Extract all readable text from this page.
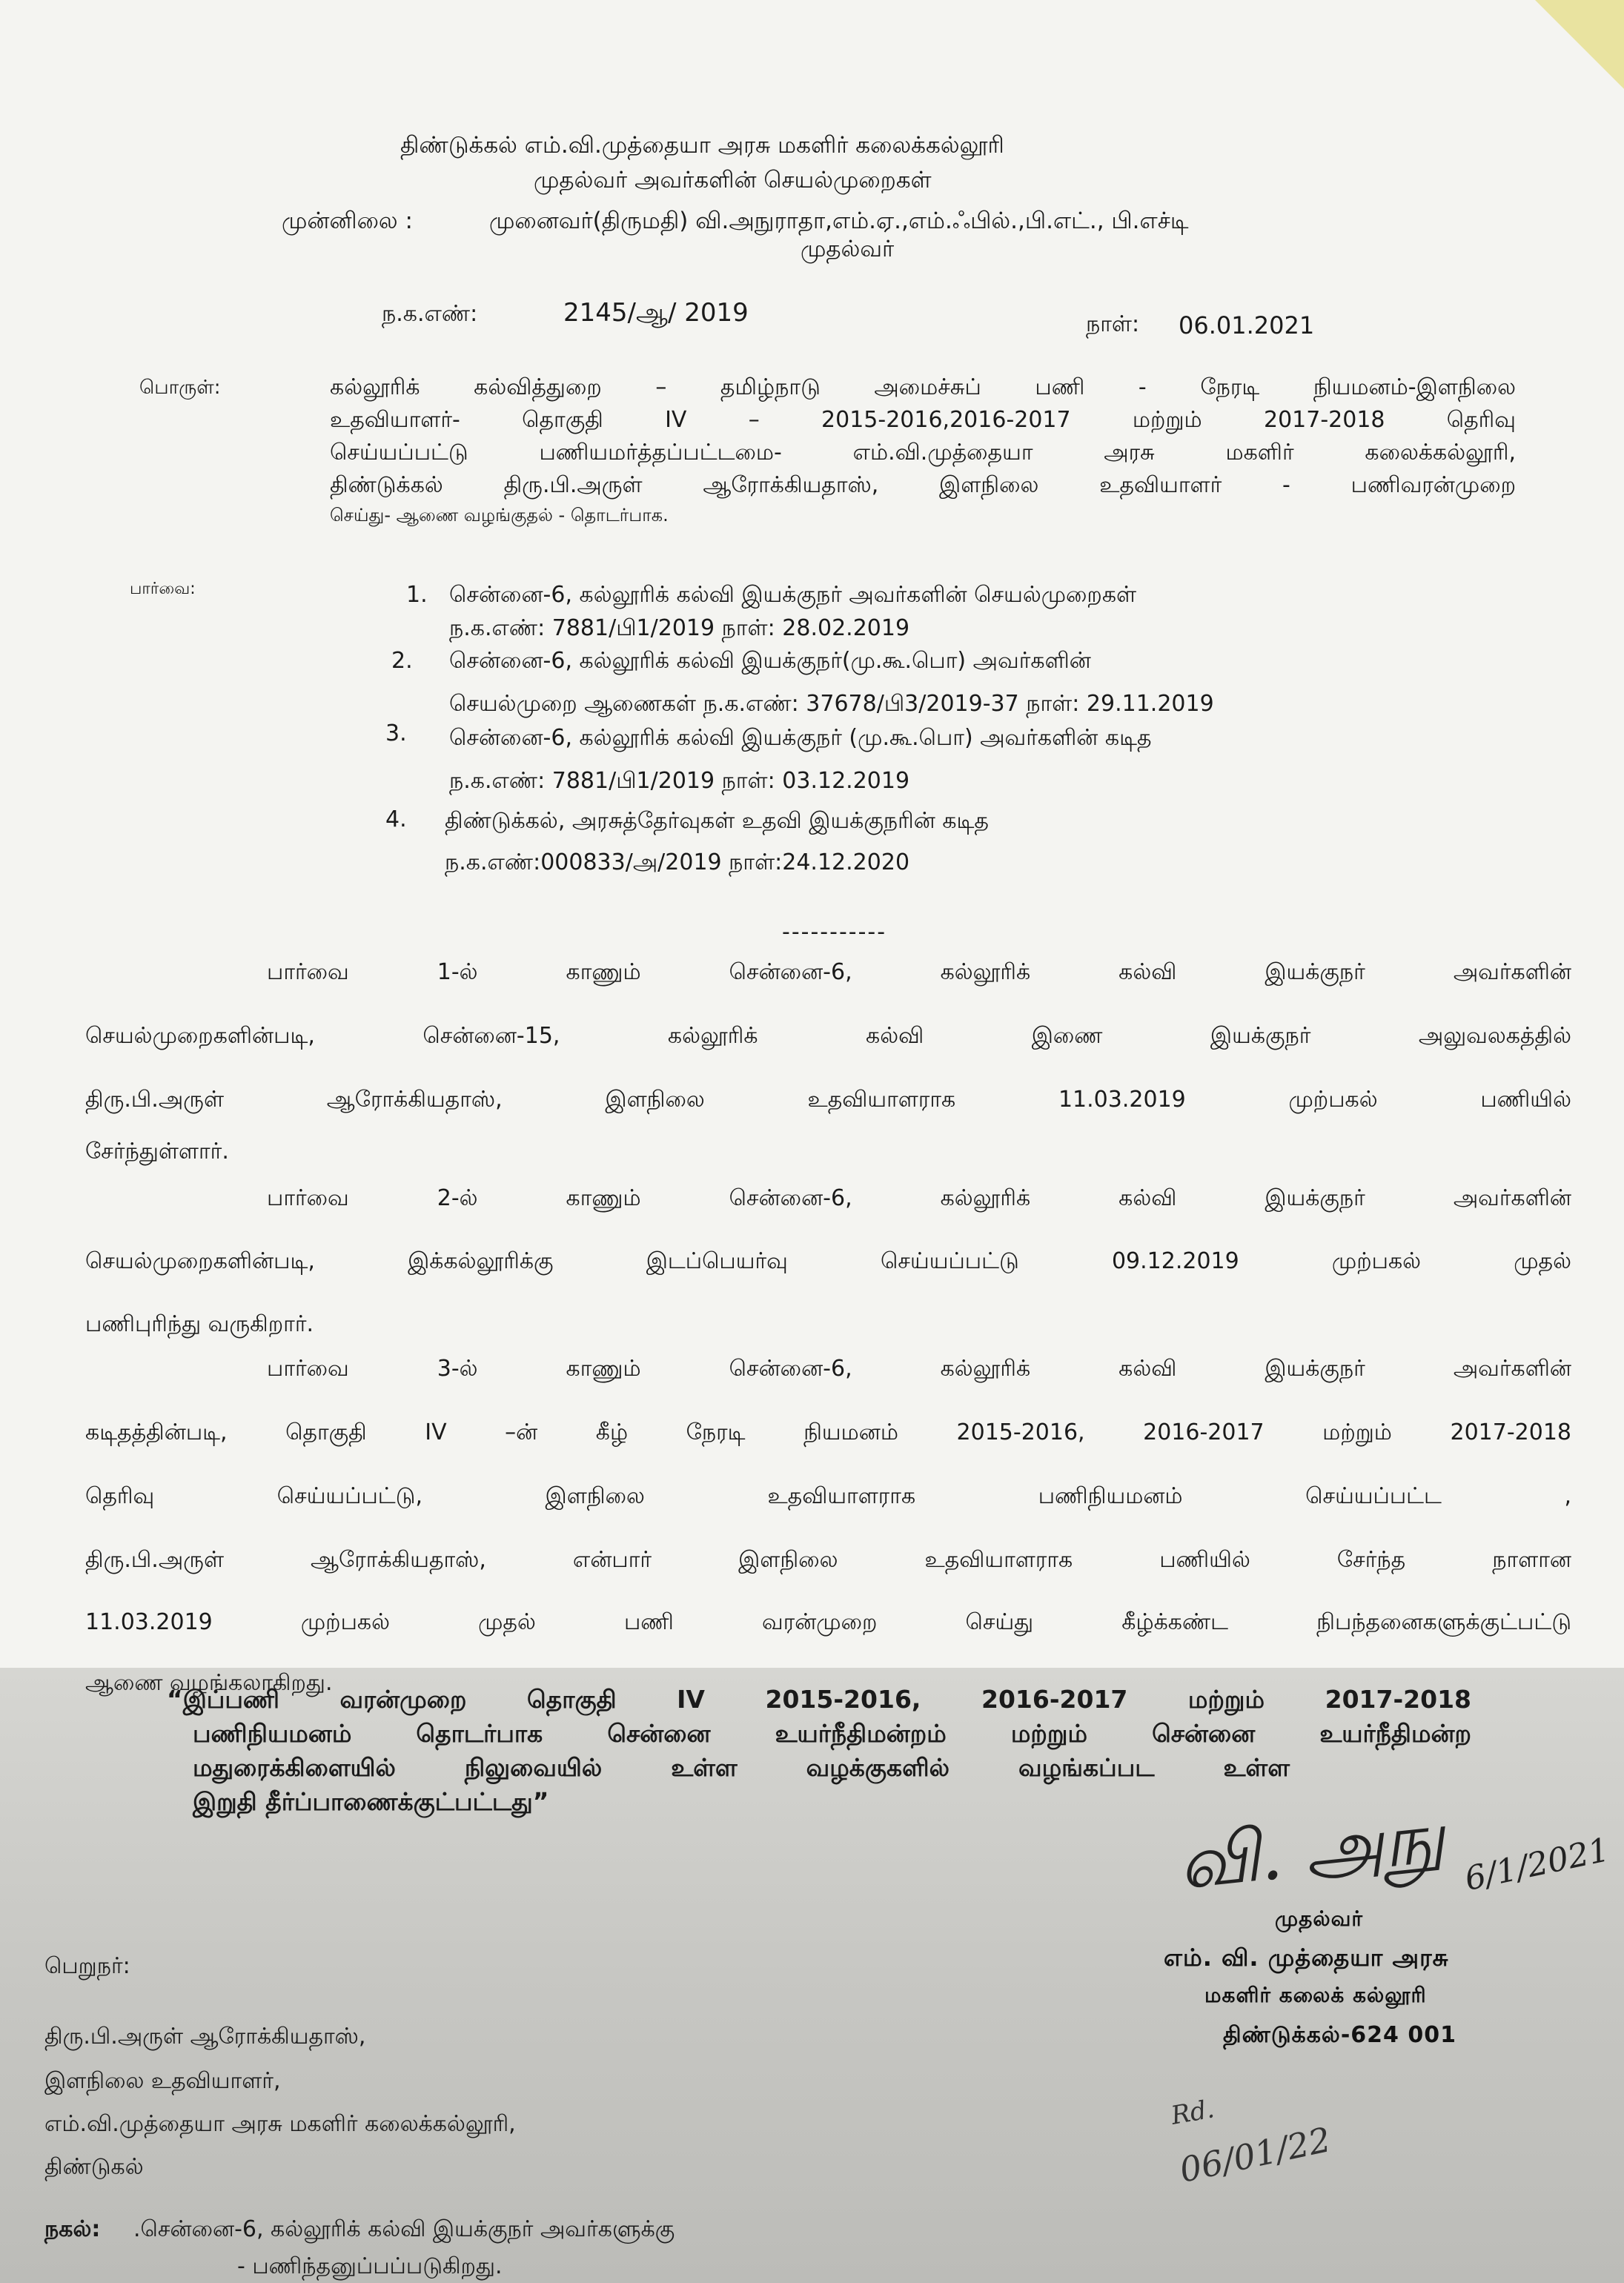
திண்டுக்கல் எம்.வி.முத்தையா அரசு மகளிர் கலைக்கல்லூரி
முதல்வர் அவர்களின் செயல்முறைகள்
முன்னிலை :	முனைவர்(திருமதி) வி.அநுராதா,எம்.ஏ.,எம்.ஃபில்.,பி.எட்., பி.எச்டி
முதல்வர்
ந.க.எண்:	2145/ஆ/ 2019	நாள்: 06.01.2021
பொருள்:	கல்லூரிக் கல்வித்துறை – தமிழ்நாடு அமைச்சுப் பணி - நேரடி நியமனம்-இளநிலை
உதவியாளர்- தொகுதி IV – 2015-2016,2016-2017 மற்றும் 2017-2018 தெரிவு
செய்யப்பட்டு பணியமர்த்தப்பட்டமை- எம்.வி.முத்தையா அரசு மகளிர் கலைக்கல்லூரி,
திண்டுக்கல் திரு.பி.அருள் ஆரோக்கியதாஸ், இளநிலை உதவியாளர் - பணிவரன்முறை
செய்து- ஆணை வழங்குதல் - தொடர்பாக.
பார்வை:	1. சென்னை-6, கல்லூரிக் கல்வி இயக்குநர் அவர்களின் செயல்முறைகள்
ந.க.எண்: 7881/பி1/2019 நாள்: 28.02.2019
2. சென்னை-6, கல்லூரிக் கல்வி இயக்குநர்(மு.கூ.பொ) அவர்களின்
செயல்முறை ஆணைகள் ந.க.எண்: 37678/பி3/2019-37 நாள்: 29.11.2019
3. சென்னை-6, கல்லூரிக் கல்வி இயக்குநர் (மு.கூ.பொ) அவர்களின் கடித
ந.க.எண்: 7881/பி1/2019 நாள்: 03.12.2019
4. திண்டுக்கல், அரசுத்தேர்வுகள் உதவி இயக்குநரின் கடித
ந.க.எண்:000833/அ/2019 நாள்:24.12.2020
-----------
பார்வை 1-ல் காணும் சென்னை-6, கல்லூரிக் கல்வி இயக்குநர் அவர்களின்
செயல்முறைகளின்படி, சென்னை-15, கல்லூரிக் கல்வி இணை இயக்குநர் அலுவலகத்தில்
திரு.பி.அருள் ஆரோக்கியதாஸ், இளநிலை உதவியாளராக 11.03.2019 முற்பகல் பணியில்
சேர்ந்துள்ளார்.
பார்வை 2-ல் காணும் சென்னை-6, கல்லூரிக் கல்வி இயக்குநர் அவர்களின்
செயல்முறைகளின்படி, இக்கல்லூரிக்கு இடப்பெயர்வு செய்யப்பட்டு 09.12.2019 முற்பகல் முதல்
பணிபுரிந்து வருகிறார்.
பார்வை 3-ல் காணும் சென்னை-6, கல்லூரிக் கல்வி இயக்குநர் அவர்களின்
கடிதத்தின்படி, தொகுதி IV –ன் கீழ் நேரடி நியமனம் 2015-2016, 2016-2017 மற்றும் 2017-2018
தெரிவு செய்யப்பட்டு, இளநிலை உதவியாளராக பணிநியமனம் செய்யப்பட்ட ,
திரு.பி.அருள் ஆரோக்கியதாஸ், என்பார் இளநிலை உதவியாளராக பணியில் சேர்ந்த நாளான
11.03.2019 முற்பகல் முதல் பணி வரன்முறை செய்து கீழ்க்கண்ட நிபந்தனைகளுக்குட்பட்டு
ஆணை வழங்கலாகிறது.
“இப்பணி வரன்முறை தொகுதி IV 2015-2016, 2016-2017 மற்றும் 2017-2018
பணிநியமனம் தொடர்பாக சென்னை உயர்நீதிமன்றம் மற்றும் சென்னை உயர்நீதிமன்ற
மதுரைக்கிளையில் நிலுவையில் உள்ள வழக்குகளில் வழங்கப்பட உள்ள
இறுதி தீர்ப்பாணைக்குட்பட்டது”	வி. அநு 6/1/2021
முதல்வர்
எம். வி. முத்தையா அரசு
மகளிர் கலைக் கல்லூரி
திண்டுக்கல்-624 001
பெறுநர்:
திரு.பி.அருள் ஆரோக்கியதாஸ்,
இளநிலை உதவியாளர்,
எம்.வி.முத்தையா அரசு மகளிர் கலைக்கல்லூரி,
திண்டுகல்
Rd.
06/01/22
நகல்: .சென்னை-6, கல்லூரிக் கல்வி இயக்குநர் அவர்களுக்கு
- பணிந்தனுப்பப்படுகிறது.
